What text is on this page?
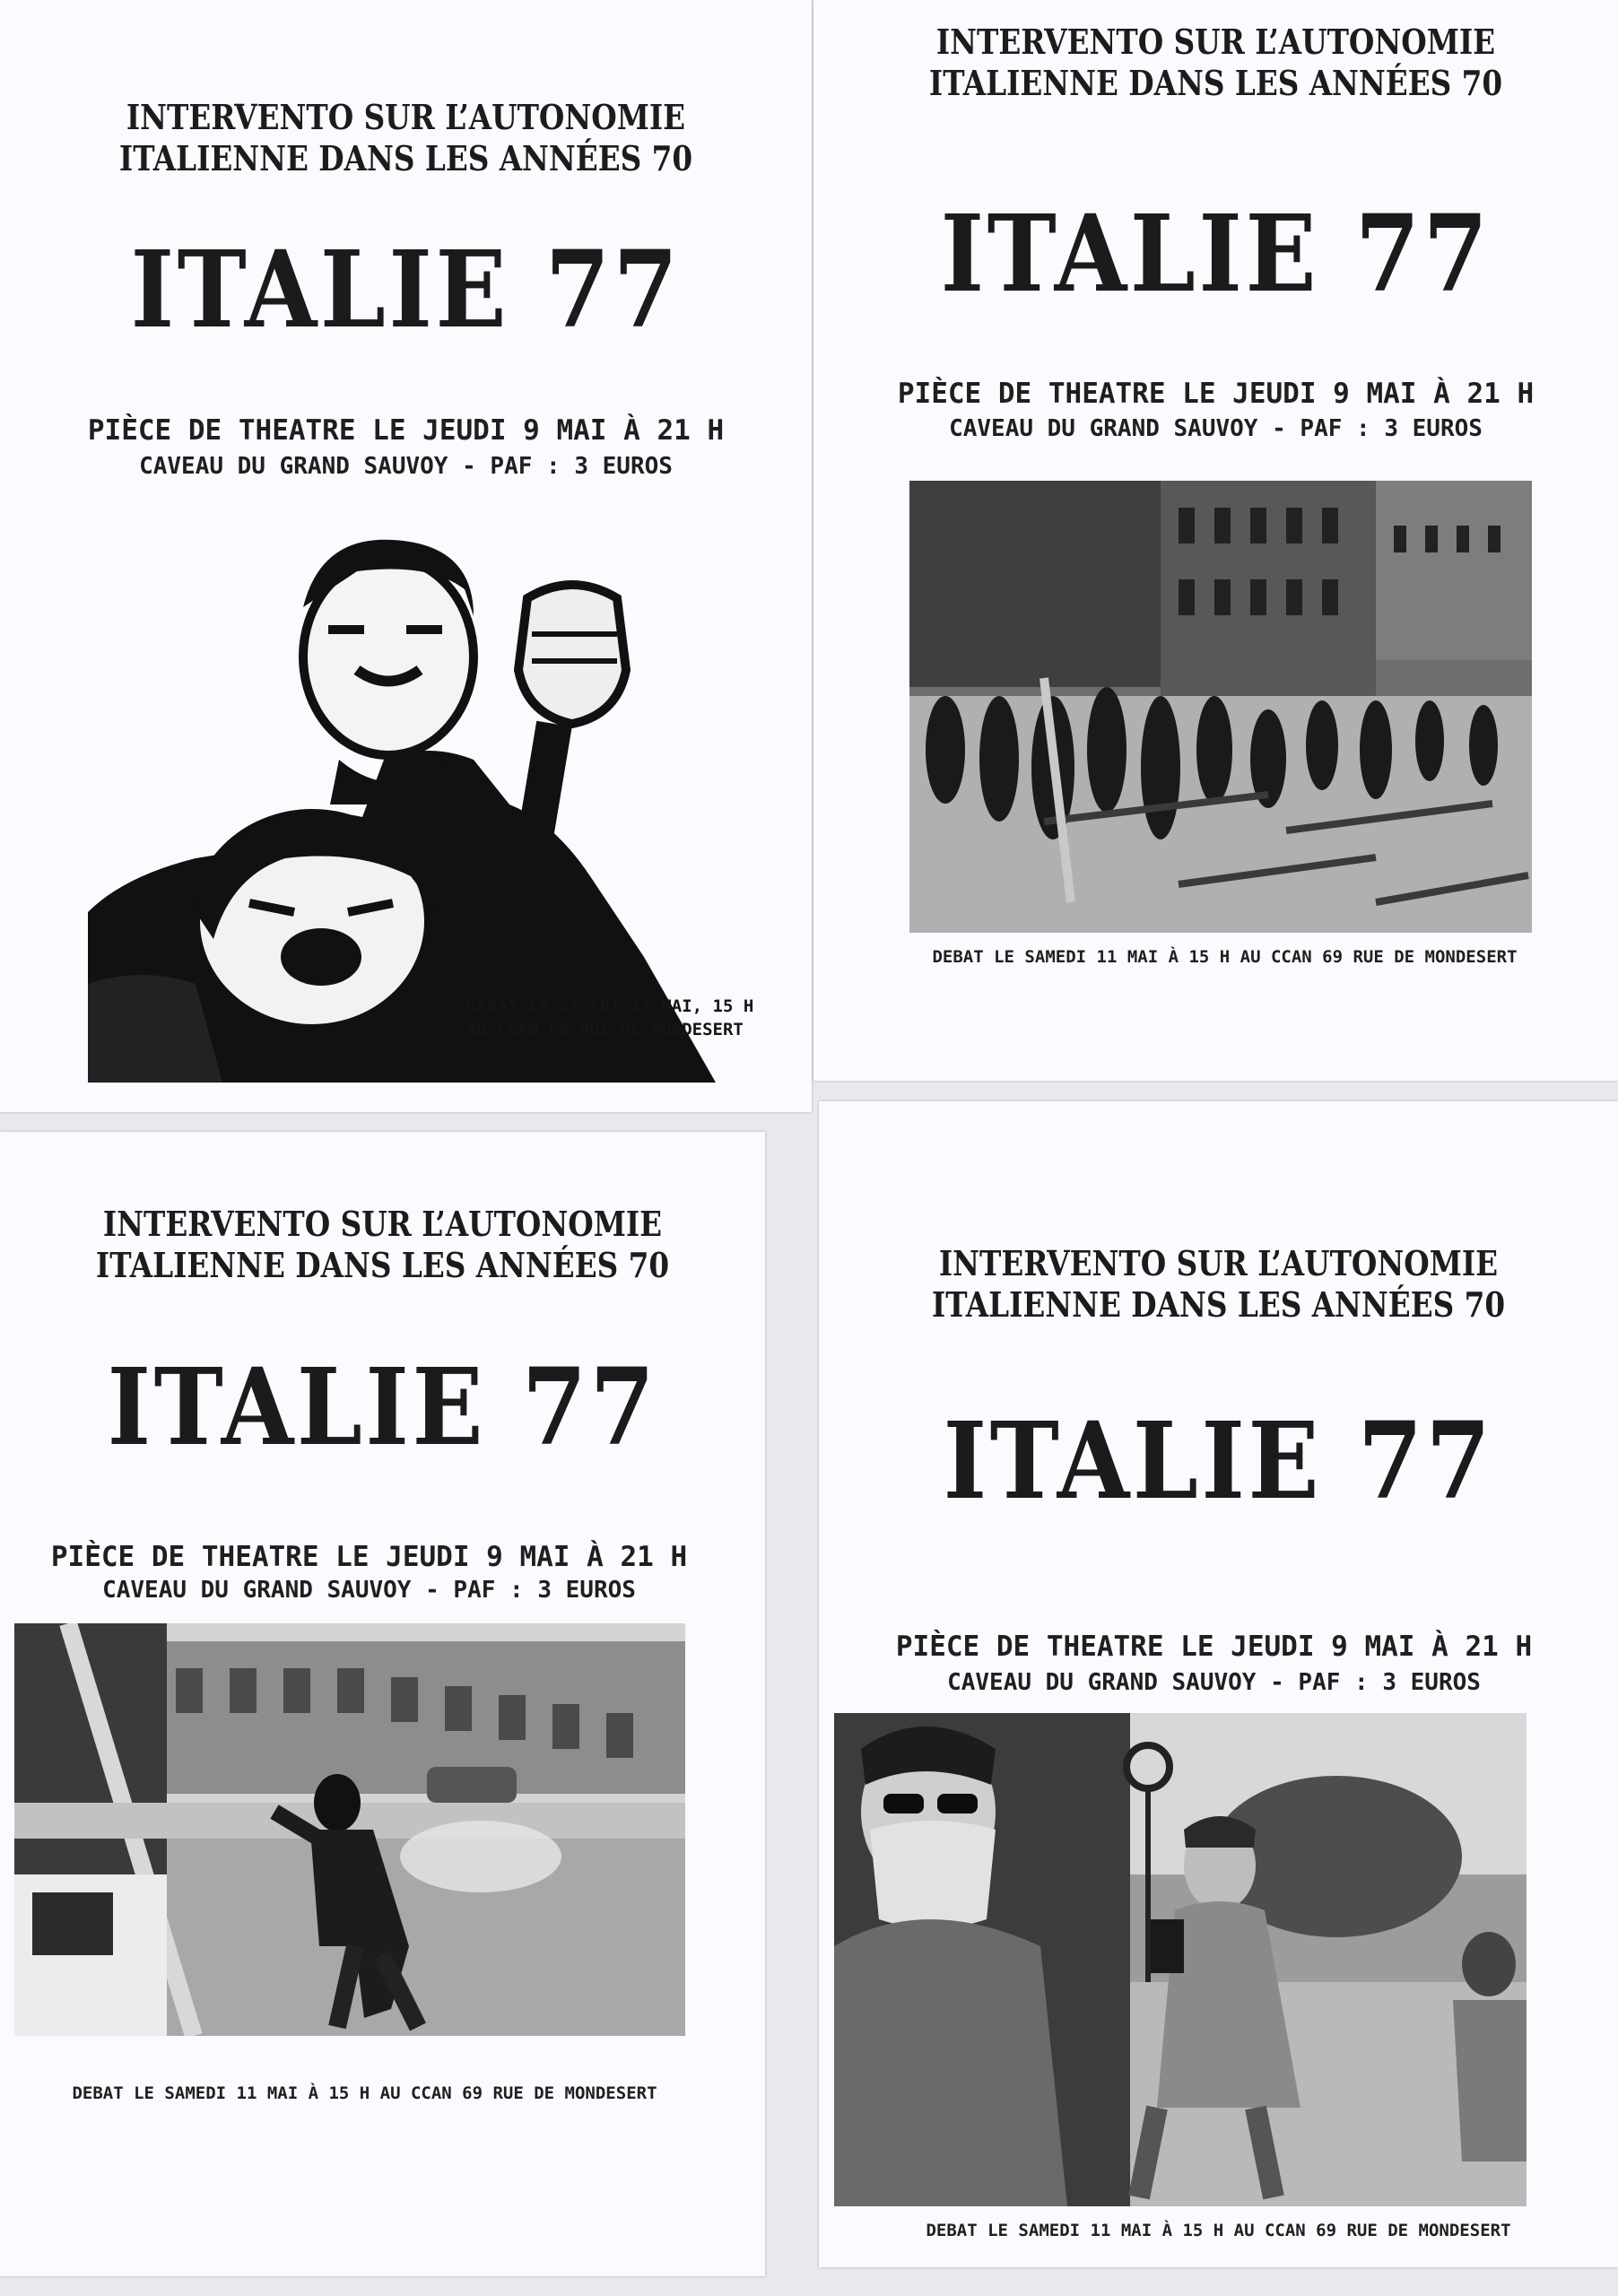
INTERVENTO SUR L’AUTONOMIE
ITALIENNE DANS LES ANNÉES 70
ITALIE 77
PIÈCE DE THEATRE LE JEUDI 9 MAI À 21 H
CAVEAU DU GRAND SAUVOY - PAF : 3 EUROS
DEBAT LE SAMEDI 11 MAI, 15 H
AU CCAN 69 RUE DE MONDESERT
INTERVENTO SUR L’AUTONOMIE
ITALIENNE DANS LES ANNÉES 70
ITALIE 77
PIÈCE DE THEATRE LE JEUDI 9 MAI À 21 H
CAVEAU DU GRAND SAUVOY - PAF : 3 EUROS
DEBAT LE SAMEDI 11 MAI À 15 H AU CCAN 69 RUE DE MONDESERT
INTERVENTO SUR L’AUTONOMIE
ITALIENNE DANS LES ANNÉES 70
ITALIE 77
PIÈCE DE THEATRE LE JEUDI 9 MAI À 21 H
CAVEAU DU GRAND SAUVOY - PAF : 3 EUROS
DEBAT LE SAMEDI 11 MAI À 15 H AU CCAN 69 RUE DE MONDESERT
INTERVENTO SUR L’AUTONOMIE
ITALIENNE DANS LES ANNÉES 70
ITALIE 77
PIÈCE DE THEATRE LE JEUDI 9 MAI À 21 H
CAVEAU DU GRAND SAUVOY - PAF : 3 EUROS
DEBAT LE SAMEDI 11 MAI À 15 H AU CCAN 69 RUE DE MONDESERT
